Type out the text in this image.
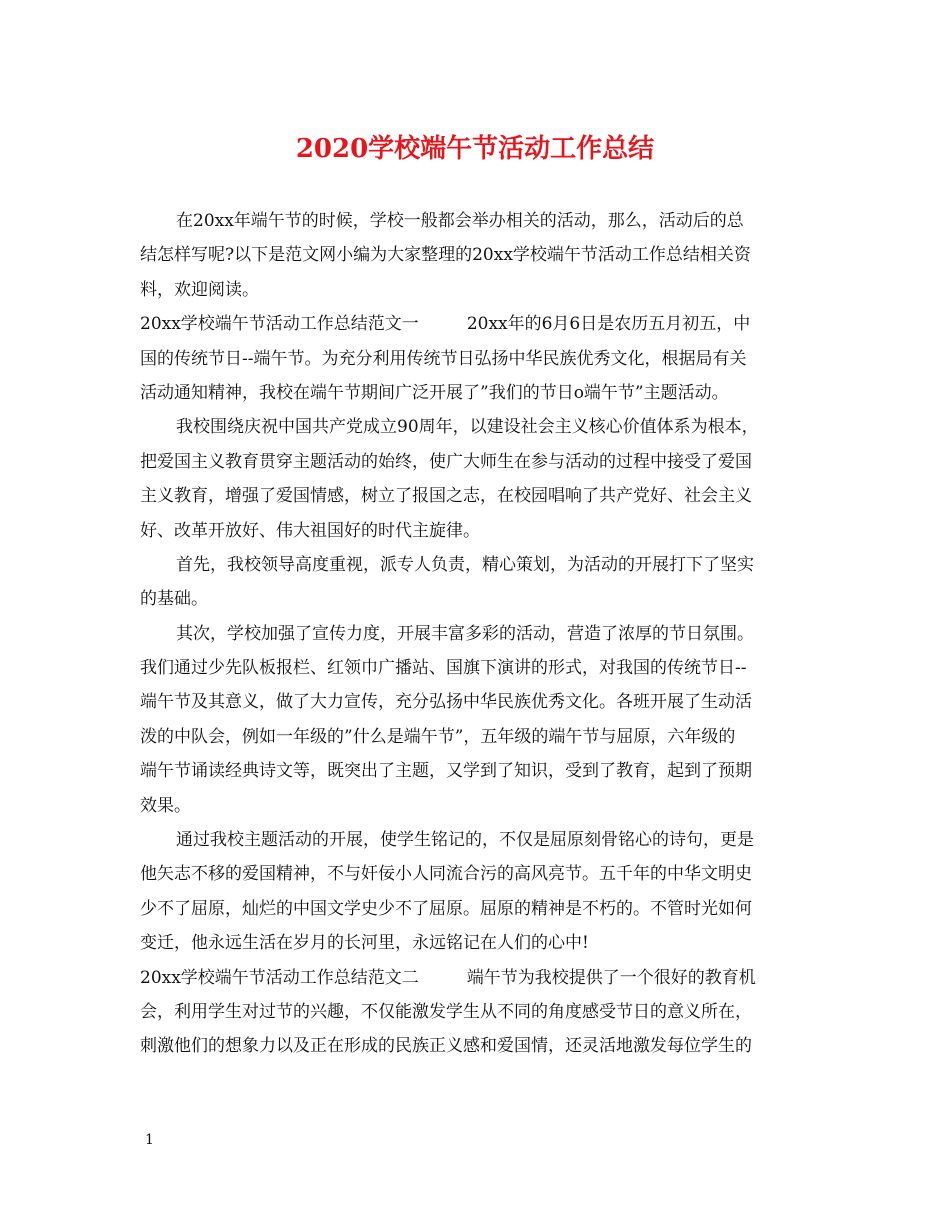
2020学校端午节活动工作总结
在20xx年端午节的时候，学校一般都会举办相关的活动，那么，活动后的总
结怎样写呢?以下是范文网小编为大家整理的20xx学校端午节活动工作总结相关资
料，欢迎阅读。
20xx学校端午节活动工作总结范文一	20xx年的6月6日是农历五月初五，中
国的传统节日--端午节。为充分利用传统节日弘扬中华民族优秀文化，根据局有关
活动通知精神，我校在端午节期间广泛开展了”我们的节日o端午节”主题活动。
我校围绕庆祝中国共产党成立90周年，以建设社会主义核心价值体系为根本，
把爱国主义教育贯穿主题活动的始终，使广大师生在参与活动的过程中接受了爱国
主义教育，增强了爱国情感，树立了报国之志，在校园唱响了共产党好、社会主义
好、改革开放好、伟大祖国好的时代主旋律。
首先，我校领导高度重视，派专人负责，精心策划，为活动的开展打下了坚实
的基础。
其次，学校加强了宣传力度，开展丰富多彩的活动，营造了浓厚的节日氛围。
我们通过少先队板报栏、红领巾广播站、国旗下演讲的形式，对我国的传统节日--
端午节及其意义，做了大力宣传，充分弘扬中华民族优秀文化。各班开展了生动活
泼的中队会，例如一年级的”什么是端午节”，五年级的端午节与屈原，六年级的
端午节诵读经典诗文等，既突出了主题，又学到了知识，受到了教育，起到了预期
效果。
通过我校主题活动的开展，使学生铭记的，不仅是屈原刻骨铭心的诗句，更是
他矢志不移的爱国精神，不与奸佞小人同流合污的高风亮节。五千年的中华文明史
少不了屈原，灿烂的中国文学史少不了屈原。屈原的精神是不朽的。不管时光如何
变迁，他永远生活在岁月的长河里，永远铭记在人们的心中!
20xx学校端午节活动工作总结范文二	端午节为我校提供了一个很好的教育机
会，利用学生对过节的兴趣，不仅能激发学生从不同的角度感受节日的意义所在，
刺激他们的想象力以及正在形成的民族正义感和爱国情，还灵活地激发每位学生的
1
